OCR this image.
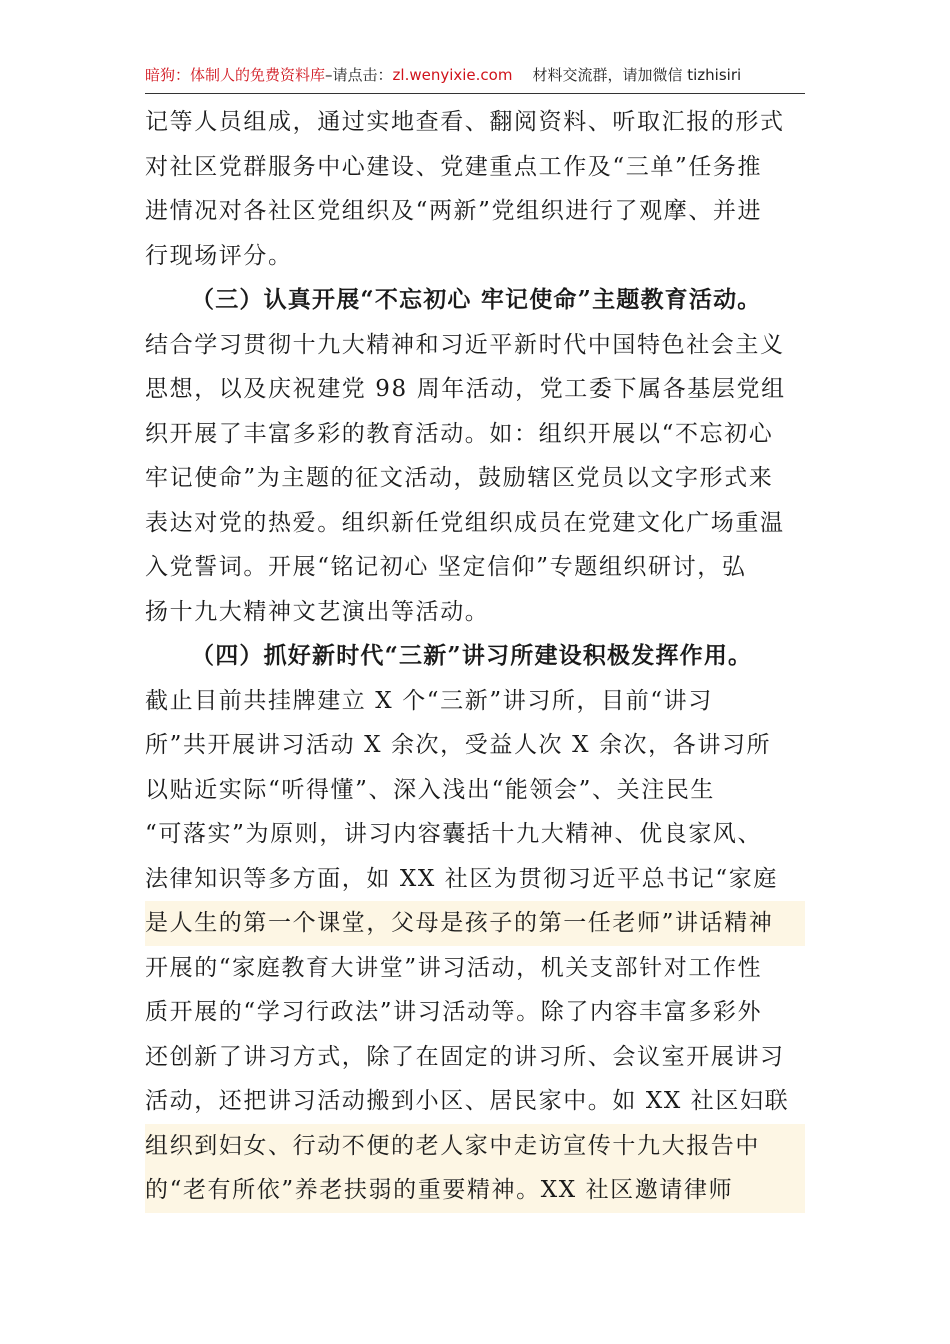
暗狗：体制人的免费资料库–请点击：zl.wenyixie.com 材料交流群，请加微信 tizhisiri
记等人员组成，通过实地查看、翻阅资料、听取汇报的形式
对社区党群服务中心建设、党建重点工作及“三单”任务推
进情况对各社区党组织及“两新”党组织进行了观摩、并进
行现场评分。
（三）认真开展“不忘初心 牢记使命”主题教育活动。
结合学习贯彻十九大精神和习近平新时代中国特色社会主义
思想，以及庆祝建党 98 周年活动，党工委下属各基层党组
织开展了丰富多彩的教育活动。如：组织开展以“不忘初心
牢记使命”为主题的征文活动，鼓励辖区党员以文字形式来
表达对党的热爱。组织新任党组织成员在党建文化广场重温
入党誓词。开展“铭记初心 坚定信仰”专题组织研讨，弘
扬十九大精神文艺演出等活动。
（四）抓好新时代“三新”讲习所建设积极发挥作用。
截止目前共挂牌建立 X 个“三新”讲习所，目前“讲习
所”共开展讲习活动 X 余次，受益人次 X 余次，各讲习所
以贴近实际“听得懂”、深入浅出“能领会”、关注民生
“可落实”为原则，讲习内容囊括十九大精神、优良家风、
法律知识等多方面，如 XX 社区为贯彻习近平总书记“家庭
是人生的第一个课堂，父母是孩子的第一任老师”讲话精神
开展的“家庭教育大讲堂”讲习活动，机关支部针对工作性
质开展的“学习行政法”讲习活动等。除了内容丰富多彩外
还创新了讲习方式，除了在固定的讲习所、会议室开展讲习
活动，还把讲习活动搬到小区、居民家中。如 XX 社区妇联
组织到妇女、行动不便的老人家中走访宣传十九大报告中
的“老有所依”养老扶弱的重要精神。XX 社区邀请律师
